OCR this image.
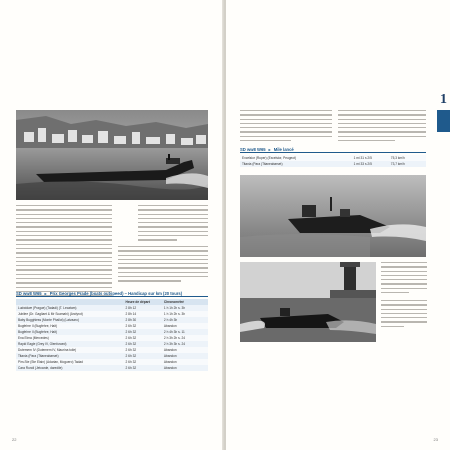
SD ww8 W65 ▸ Prix Georges Prade (boats outspeed) – Handicap sur km (20 tours)
	Heure de départ	Chronométré
Ludwidwe (Prague) (Tadadi) (T. Lecatam)	2 8h 12	1 h 1h 2h s. 3h
Jubilee (Dr. Gagliaet & Mr Scamahi) (Andyrot)	2 8h 14	1 h 1h 2h s. 3h
Baby Bugghiess (Monte Phallot) (Latvaaro)	2 8h 30	2 h 4h 3h
Bugfehre II (Bugfehre, Hait)	2 6h 32	Abandon
Bugfehre II (Bugfehre, Hait)	2 6h 32	2 h 4h 3h s. 11
Ena Elma (Mercedes)	2 6h 32	2 h 3h 2h s. 24
Rapid Eagle (Grey IV, Glenfuraed)	2 6h 32	2 h 3h 3h s. 24
Dutemem IV (Dutemem IV, Maurina toile)	2 6h 32	Abandon
Titania (Para (Titaneabarset)	2 6h 32	Abandon
Pim-Ste (Ste Elain) (Adarian, Moguero) Tadad	2 6h 32	Abandon
Cara Rundi (Jetcarde, daredile)	2 6h 32	Abandon
22
SD ww8 W65 ▸ Mile lancé
Excelsior (Ruper) (Excelsior, Peugeot)	1 mi 31 s 2/5	75,3 km/h
Titania (Para (Titaneabarset)	1 mi 33 s 2/5	73,7 km/h
1
23
